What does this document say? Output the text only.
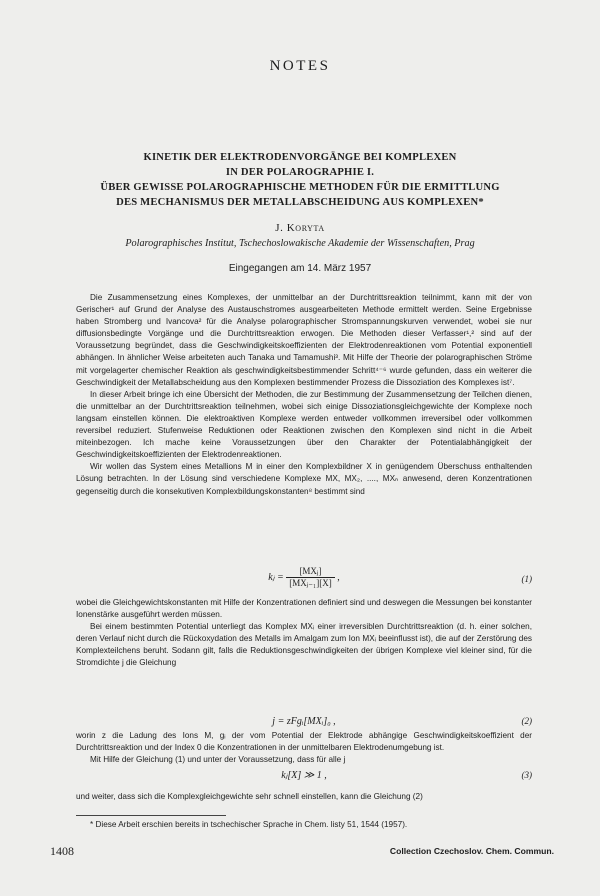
NOTES
KINETIK DER ELEKTRODENVORGÄNGE BEI KOMPLEXEN
IN DER POLAROGRAPHIE I.
ÜBER GEWISSE POLAROGRAPHISCHE METHODEN FÜR DIE ERMITTLUNG
DES MECHANISMUS DER METALLABSCHEIDUNG AUS KOMPLEXEN*
J. Koryta
Polarographisches Institut, Tschechoslowakische Akademie der Wissenschaften, Prag
Eingegangen am 14. März 1957

Die Zusammensetzung eines Komplexes, der unmittelbar an der Durchtrittsreaktion teilnimmt, kann mit der von Gerischer¹ auf Grund der Analyse des Austauschstromes ausgearbeiteten Methode ermittelt werden. Seine Ergebnisse haben Stromberg und Ivancova² für die Analyse polarographischer Stromspannungskurven verwendet, wobei sie nur diffusionsbedingte Vorgänge und die Durchtrittsreaktion erwogen. Die Methoden dieser Verfasser¹,² sind auf der Voraussetzung begründet, dass die Geschwindigkeitskoeffizienten der Elektrodenreaktionen vom Potential exponentiell abhängen. In ähnlicher Weise arbeiteten auch Tanaka und Tamamushi³. Mit Hilfe der Theorie der polarographischen Ströme mit vorgelagerter chemischer Reaktion als geschwindigkeitsbestimmender Schritt⁴⁻⁶ wurde gefunden, dass ein weiterer die Geschwindigkeit der Metallabscheidung aus den Komplexen bestimmender Prozess die Dissoziation des Komplexes ist⁷.

In dieser Arbeit bringe ich eine Übersicht der Methoden, die zur Bestimmung der Zusammensetzung der Teilchen dienen, die unmittelbar an der Durchtrittsreaktion teilnehmen, wobei sich einige Dissoziationsgleichgewichte der Komplexe noch langsam einstellen können. Die elektroaktiven Komplexe werden entweder vollkommen irreversibel oder vollkommen reversibel reduziert. Stufenweise Reduktionen oder Reaktionen zwischen den Komplexen sind nicht in die Arbeit miteinbezogen. Ich mache keine Voraussetzungen über den Charakter der Potentialabhängigkeit der Geschwindigkeitskoeffizienten der Elektrodenreaktionen.

Wir wollen das System eines Metallions M in einer den Komplexbildner X in genügendem Überschuss enthaltenden Lösung betrachten. In der Lösung sind verschiedene Komplexe MX, MX₂, ...., MXₙ anwesend, deren Konzentrationen gegenseitig durch die konsekutiven Komplexbildungskonstanten⁸ bestimmt sind

kⱼ = $\frac{\text{[MXⱼ]}}{\text{[MXⱼ₋₁][X]}}$ ,	(1)

wobei die Gleichgewichtskonstanten mit Hilfe der Konzentrationen definiert sind und deswegen die Messungen bei konstanter Ionenstärke ausgeführt werden müssen.

Bei einem bestimmten Potential unterliegt das Komplex MXᵢ einer irreversiblen Durchtrittsreaktion (d. h. einer solchen, deren Verlauf nicht durch die Rückoxydation des Metalls im Amalgam zum Ion MXᵢ beeinflusst ist), die auf der Zerstörung des Komplexteilchens beruht. Sodann gilt, falls die Reduktionsgeschwindigkeiten der übrigen Komplexe viel kleiner sind, für die Stromdichte j die Gleichung

j = zFgᵢ[MXᵢ]₀ ,	(2)

worin z die Ladung des Ions M, gᵢ der vom Potential der Elektrode abhängige Geschwindigkeitskoeffizient der Durchtrittsreaktion und der Index 0 die Konzentrationen in der unmittelbaren Elektrodenumgebung ist.

Mit Hilfe der Gleichung (1) und unter der Voraussetzung, dass für alle j

kⱼ[X] ≫ 1 ,	(3)

und weiter, dass sich die Komplexgleichgewichte sehr schnell einstellen, kann die Gleichung (2)

* Diese Arbeit erschien bereits in tschechischer Sprache in Chem. listy 51, 1544 (1957).
1408	Collection Czechoslov. Chem. Commun.
